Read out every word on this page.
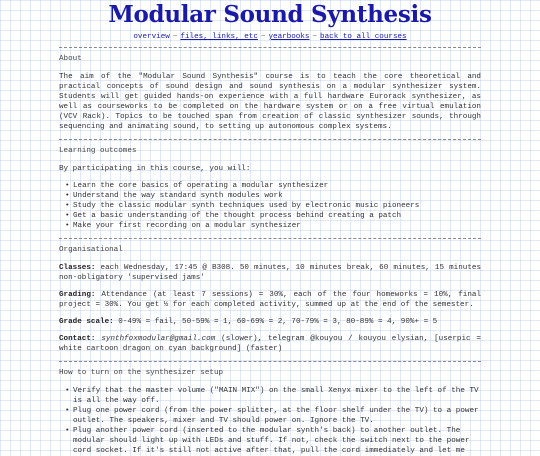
Modular Sound Synthesis
overview ~ files, links, etc ~ yearbooks ~ back to all courses
About

The aim of the "Modular Sound Synthesis" course is to teach the core theoretical and practical concepts of sound design and sound synthesis on a modular synthesizer system. Students will get guided hands-on experience with a full hardware Eurorack synthesizer, as well as courseworks to be completed on the hardware system or on a free virtual emulation (VCV Rack). Topics to be touched span from creation of classic synthesizer sounds, through sequencing and animating sound, to setting up autonomous complex systems.

Learning outcomes

By participating in this course, you will:

• Learn the core basics of operating a modular synthesizer
• Understand the way standard synth modules work
• Study the classic modular synth techniques used by electronic music pioneers
• Get a basic understanding of the thought process behind creating a patch
• Make your first recording on a modular synthesizer
Organisational

Classes: each Wednesday, 17:45 @ B308. 50 minutes, 10 minutes break, 60 minutes, 15 minutes non-obligatory 'supervised jams'

Grading: Attendance (at least 7 sessions) = 30%, each of the four homeworks = 10%, final project = 30%. You get ½ for each completed activity, summed up at the end of the semester.

Grade scale: 0-49% = fail, 50-59% = 1, 60-69% = 2, 70-79% = 3, 80-89% = 4, 90%+ = 5

Contact: synthfoxmodular@gmail.com (slower), telegram @kouyou / kouyou elysian, [userpic = white cartoon dragon on cyan background] (faster)

How to turn on the synthesizer setup
• Verify that the master volume ("MAIN MIX") on the small Xenyx mixer to the left of the TV is all the way off.
• Plug one power cord (from the power splitter, at the floor shelf under the TV) to a power outlet. The speakers, mixer and TV should power on. Ignore the TV.
• Plug another power cord (inserted to the modular synth's back) to another outlet. The modular should light up with LEDs and stuff. If not, check the switch next to the power cord socket. If it's still not active after that, pull the cord immediately and let me
